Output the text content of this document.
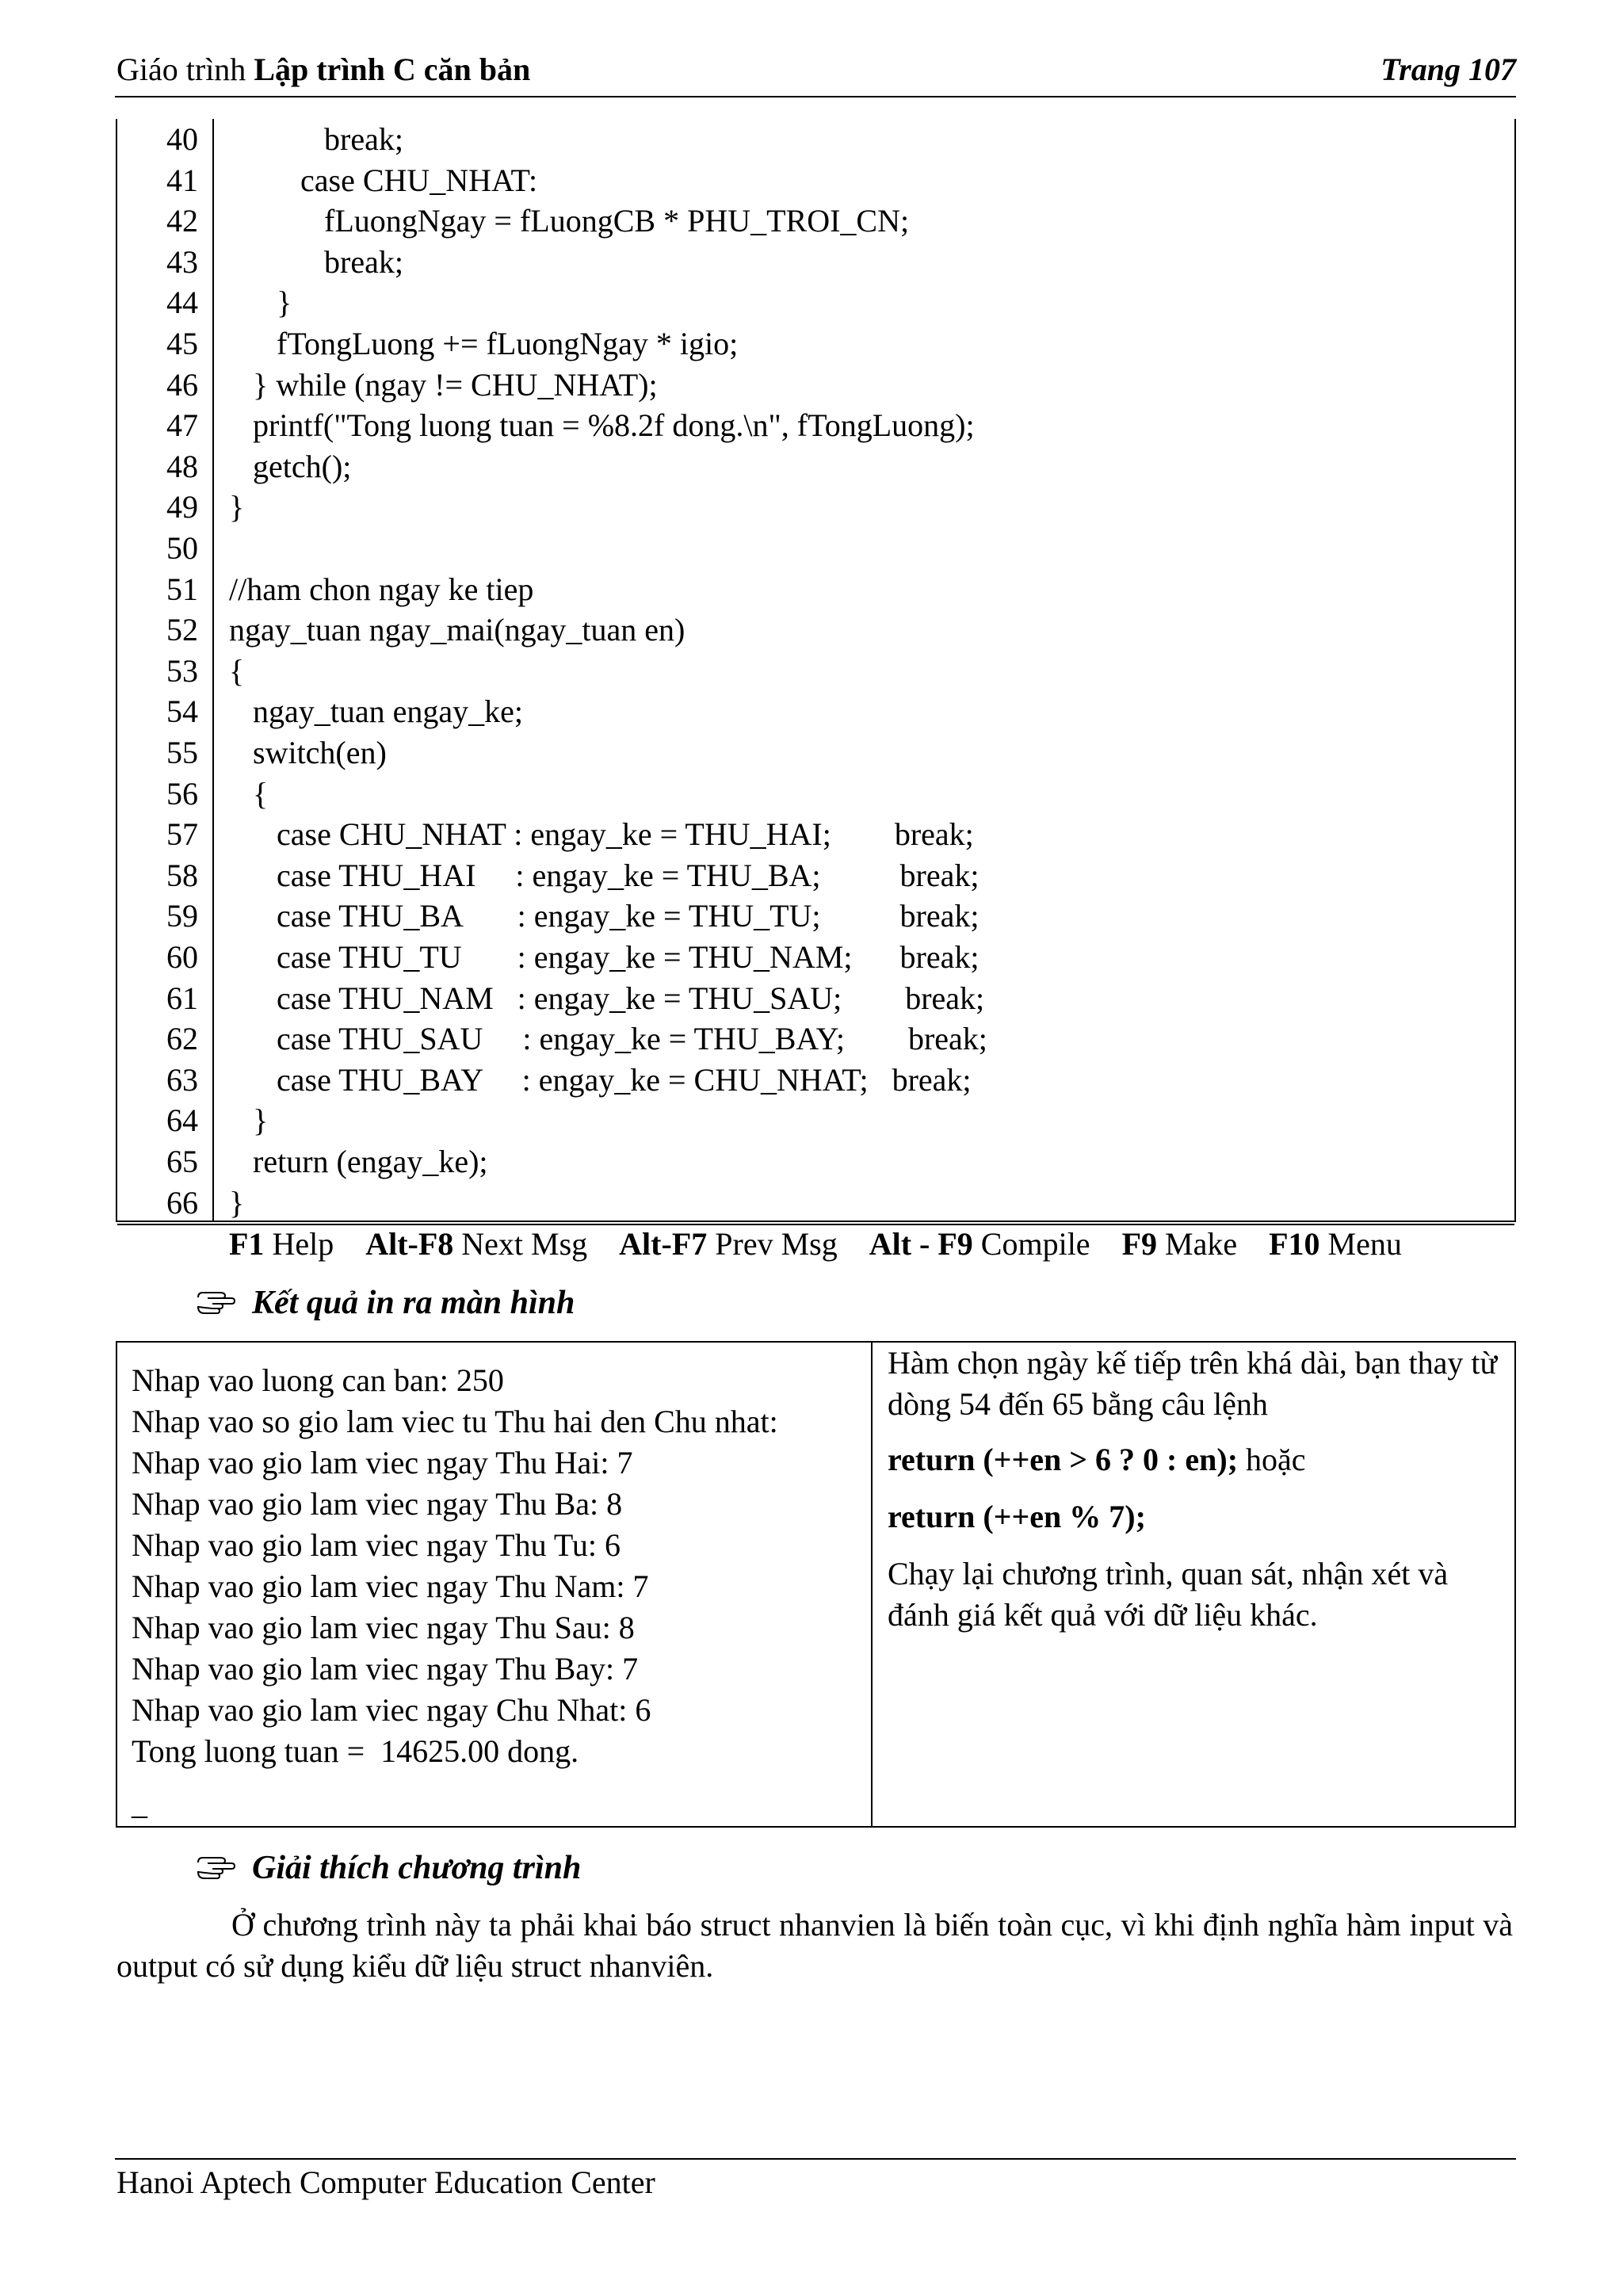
Giáo trình Lập trình C căn bản	Trang 107
F1 Help Alt-F8 Next Msg Alt-F7 Prev Msg Alt - F9 Compile F9 Make F10 Menu
40 break;
41 case CHU_NHAT:
42 fLuongNgay = fLuongCB * PHU_TROI_CN;
43 break;
44 }
45 fTongLuong += fLuongNgay * igio;
46 } while (ngay != CHU_NHAT);
47 printf("Tong luong tuan = %8.2f dong.\n", fTongLuong);
48 getch();
49 }
50
51 //ham chon ngay ke tiep
52 ngay_tuan ngay_mai(ngay_tuan en)
53 {
54 ngay_tuan engay_ke;
55 switch(en)
56 {
57 case CHU_NHAT : engay_ke = THU_HAI;        break;
58 case THU_HAI     : engay_ke = THU_BA;          break;
59 case THU_BA       : engay_ke = THU_TU;          break;
60 case THU_TU       : engay_ke = THU_NAM;      break;
61 case THU_NAM   : engay_ke = THU_SAU;        break;
62 case THU_SAU     : engay_ke = THU_BAY;        break;
63 case THU_BAY     : engay_ke = CHU_NHAT;   break;
64 }
65 return (engay_ke);
66 }
Kết quả in ra màn hình
Nhap vao luong can ban: 250
Nhap vao so gio lam viec tu Thu hai den Chu nhat:
Nhap vao gio lam viec ngay Thu Hai: 7
Nhap vao gio lam viec ngay Thu Ba: 8
Nhap vao gio lam viec ngay Thu Tu: 6
Nhap vao gio lam viec ngay Thu Nam: 7
Nhap vao gio lam viec ngay Thu Sau: 8
Nhap vao gio lam viec ngay Thu Bay: 7
Nhap vao gio lam viec ngay Chu Nhat: 6
Tong luong tuan =  14625.00 dong.
_
Hàm chọn ngày kế tiếp trên khá dài, bạn thay từ dòng 54 đến 65 bằng câu lệnh
return (++en > 6 ? 0 : en); hoặc
return (++en % 7);
Chạy lại chương trình, quan sát, nhận xét và đánh giá kết quả với dữ liệu khác.
Giải thích chương trình
Ở chương trình này ta phải khai báo struct nhanvien là biến toàn cục, vì khi định nghĩa hàm input và output có sử dụng kiểu dữ liệu struct nhanviên.
Hanoi Aptech Computer Education Center
